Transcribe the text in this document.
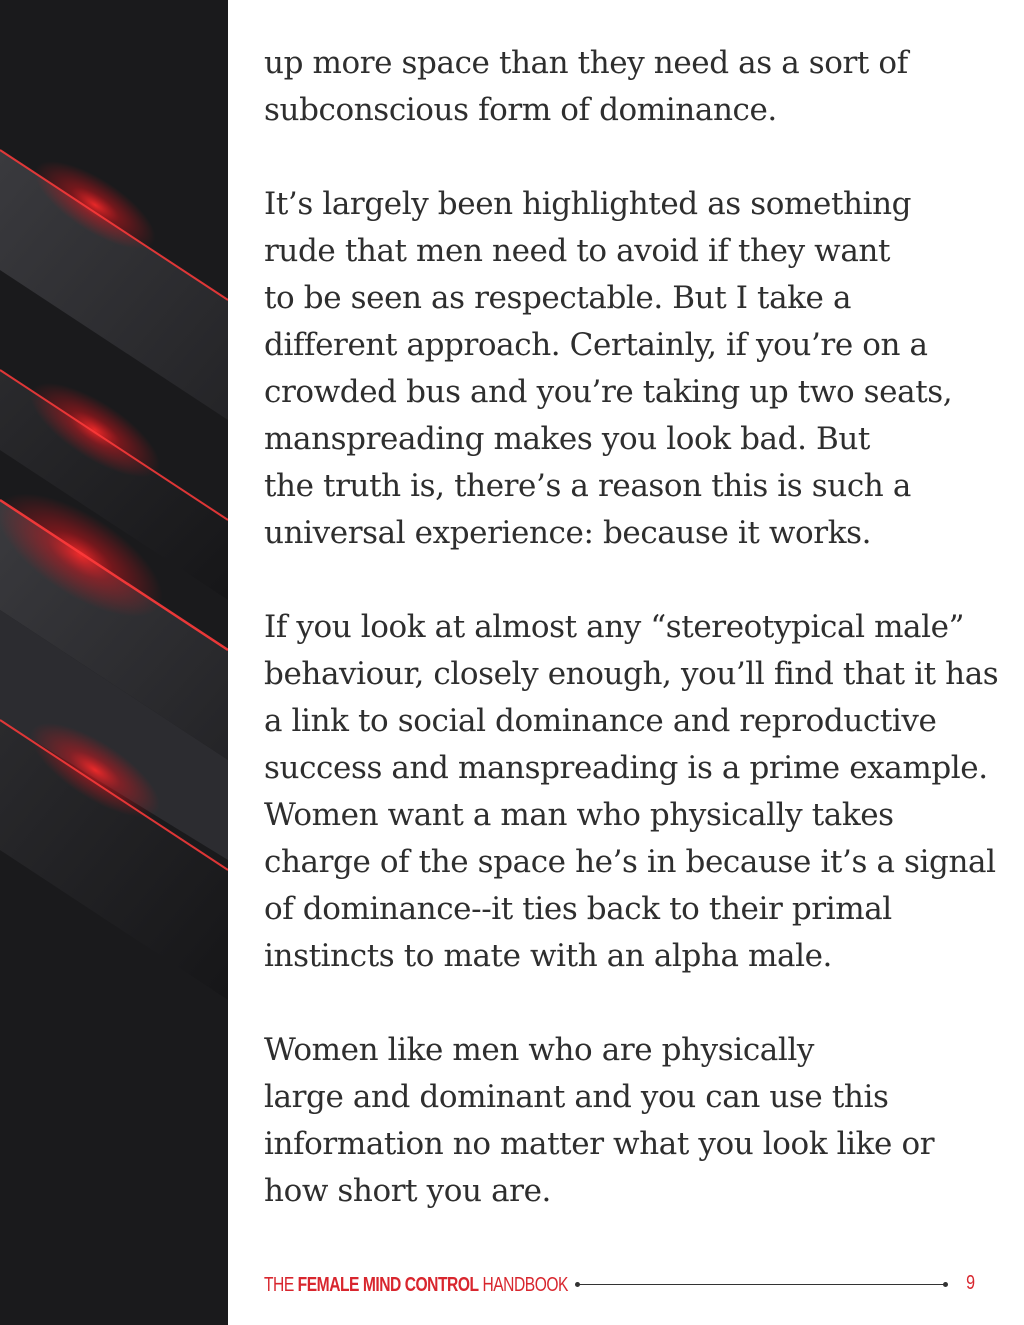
up more space than they need as a sort of
subconscious form of dominance.

It’s largely been highlighted as something
rude that men need to avoid if they want
to be seen as respectable. But I take a
different approach. Certainly, if you’re on a
crowded bus and you’re taking up two seats,
manspreading makes you look bad. But
the truth is, there’s a reason this is such a
universal experience: because it works.

If you look at almost any “stereotypical male”
behaviour, closely enough, you’ll find that it has
a link to social dominance and reproductive
success and manspreading is a prime example.
Women want a man who physically takes
charge of the space he’s in because it’s a signal
of dominance--it ties back to their primal
instincts to mate with an alpha male.

Women like men who are physically
large and dominant and you can use this
information no matter what you look like or
how short you are.

THE FEMALE MIND CONTROL HANDBOOK	9
